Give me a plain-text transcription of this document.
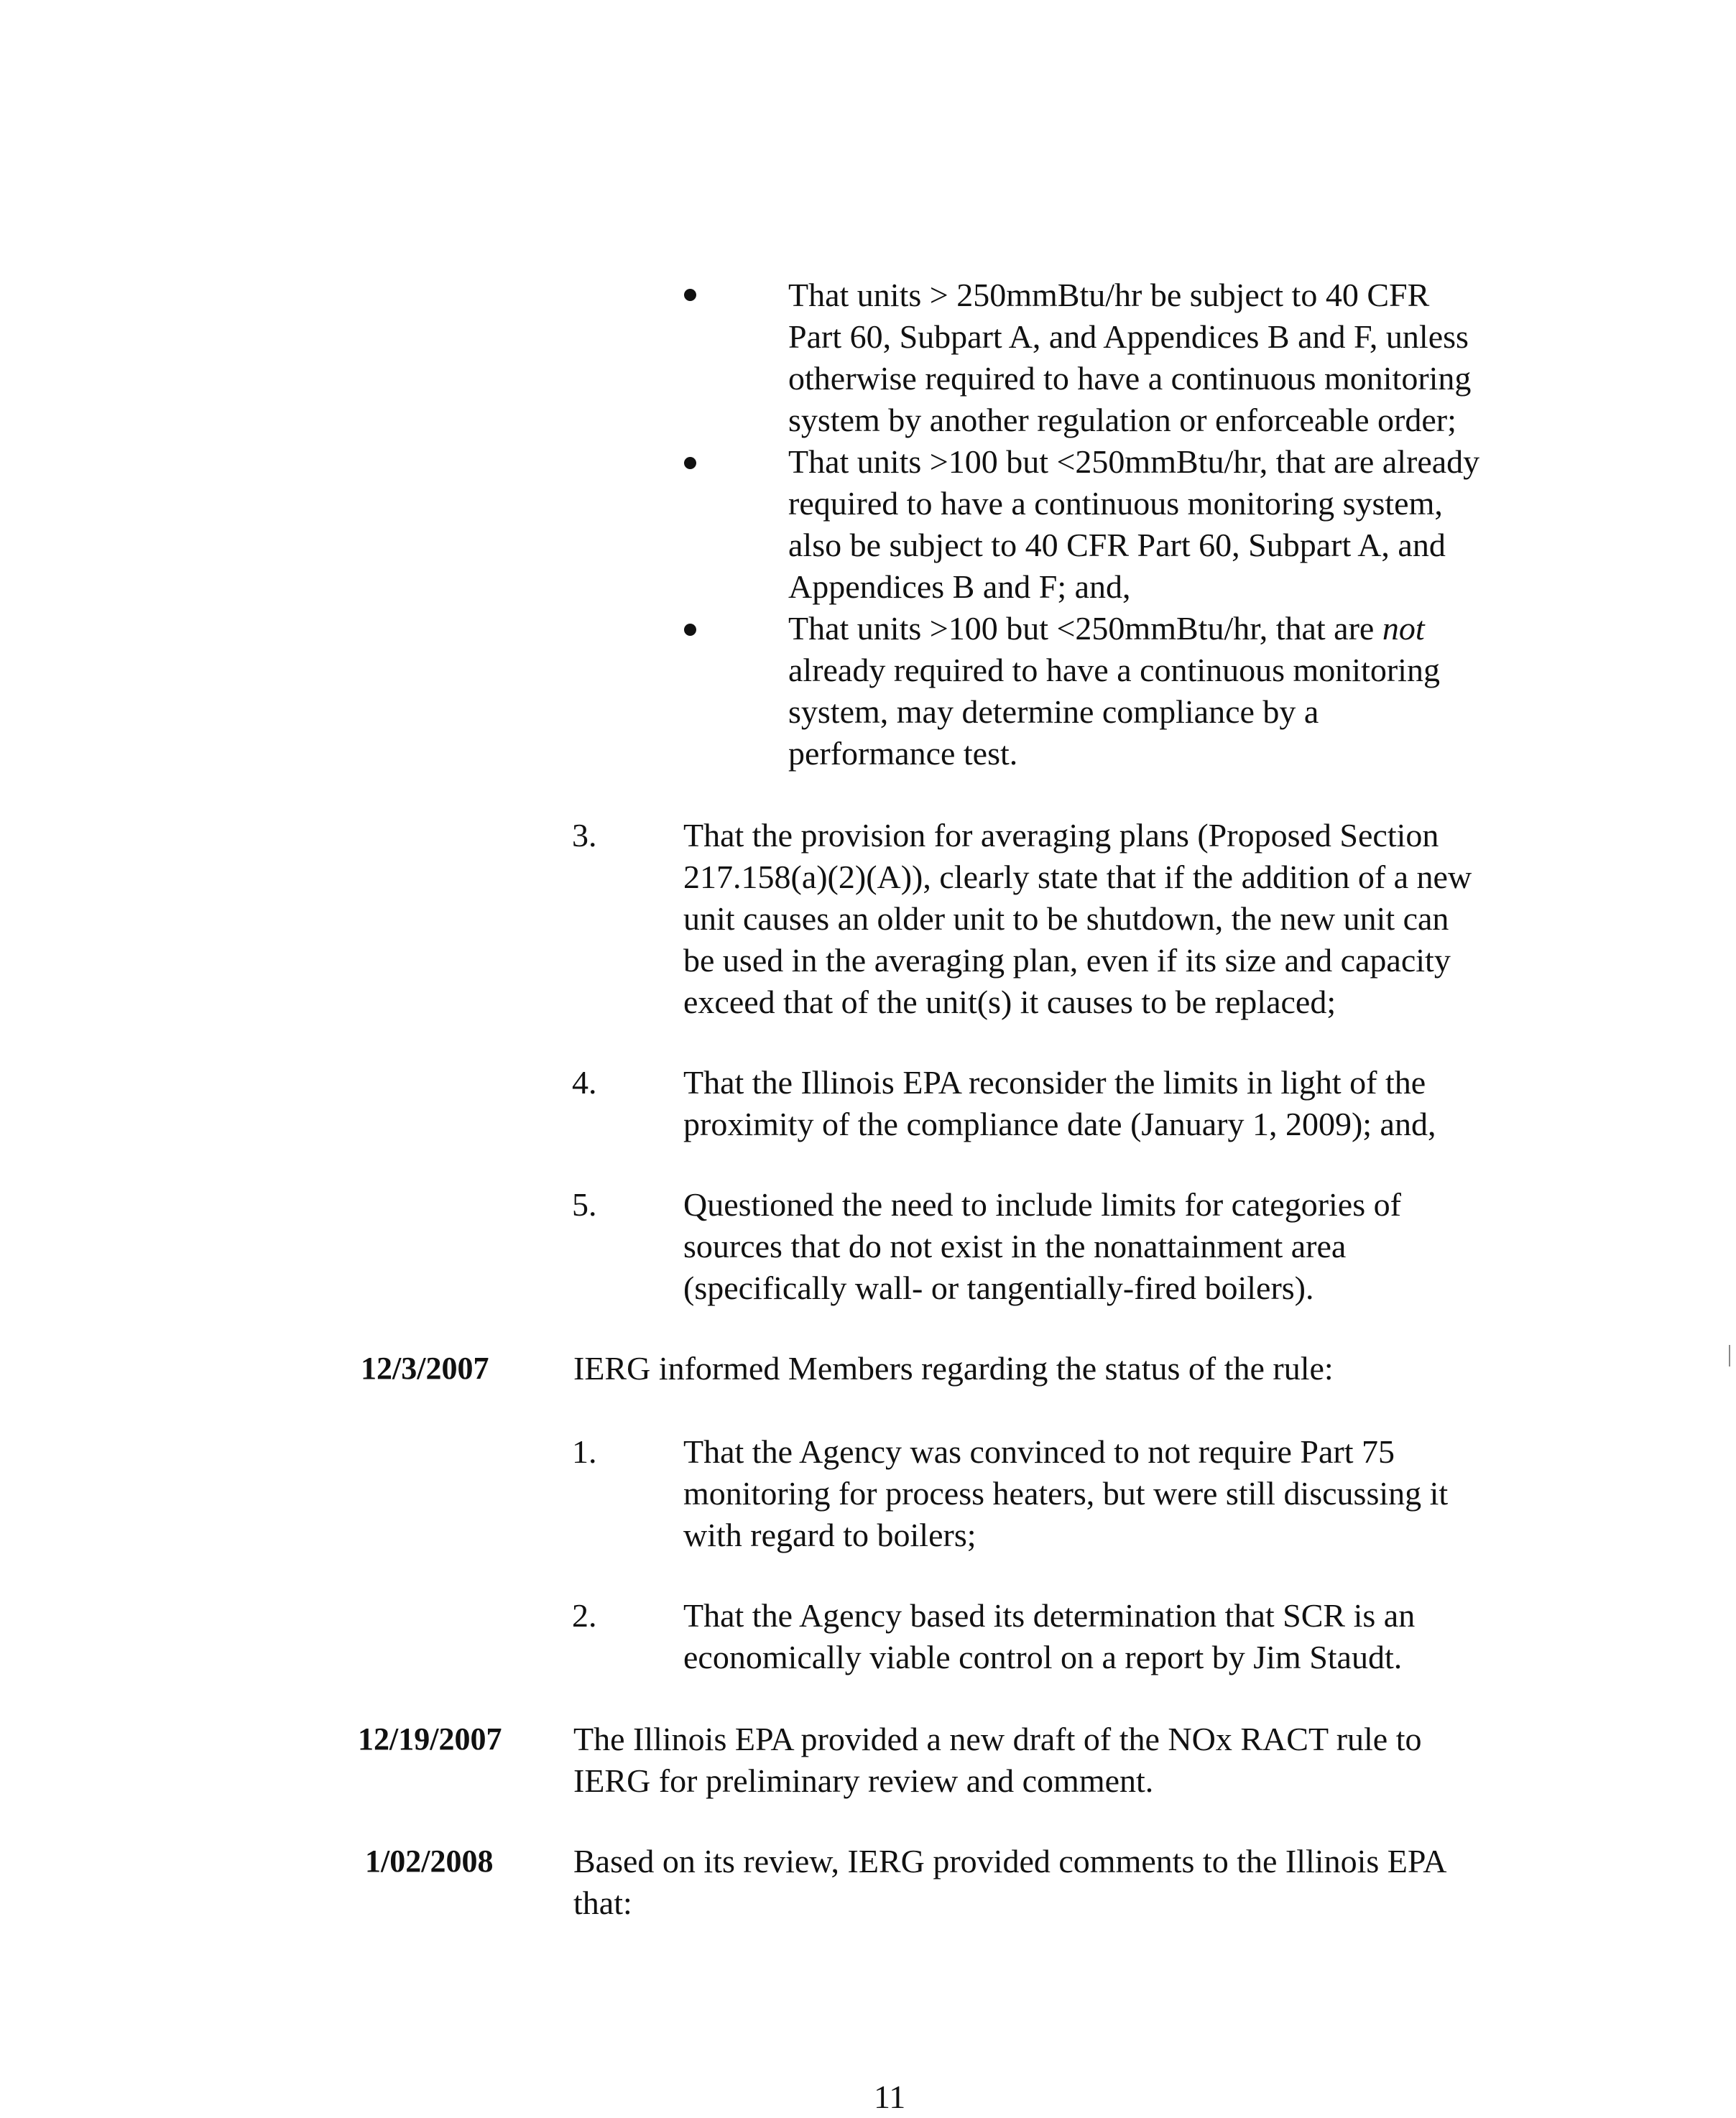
That units > 250mmBtu/hr be subject to 40 CFR
Part 60, Subpart A, and Appendices B and F, unless
otherwise required to have a continuous monitoring
system by another regulation or enforceable order;
That units >100 but <250mmBtu/hr, that are already
required to have a continuous monitoring system,
also be subject to 40 CFR Part 60, Subpart A, and
Appendices B and F; and,
That units >100 but <250mmBtu/hr, that are not
already required to have a continuous monitoring
system, may determine compliance by a
performance test.
3.	That the provision for averaging plans (Proposed Section
217.158(a)(2)(A)), clearly state that if the addition of a new
unit causes an older unit to be shutdown, the new unit can
be used in the averaging plan, even if its size and capacity
exceed that of the unit(s) it causes to be replaced;
4.	That the Illinois EPA reconsider the limits in light of the
proximity of the compliance date (January 1, 2009); and,
5.	Questioned the need to include limits for categories of
sources that do not exist in the nonattainment area
(specifically wall- or tangentially-fired boilers).
12/3/2007	IERG informed Members regarding the status of the rule:
1.	That the Agency was convinced to not require Part 75
monitoring for process heaters, but were still discussing it
with regard to boilers;
2.	That the Agency based its determination that SCR is an
economically viable control on a report by Jim Staudt.
12/19/2007 The Illinois EPA provided a new draft of the NOx RACT rule to
IERG for preliminary review and comment.
1/02/2008 Based on its review, IERG provided comments to the Illinois EPA
that:
11
